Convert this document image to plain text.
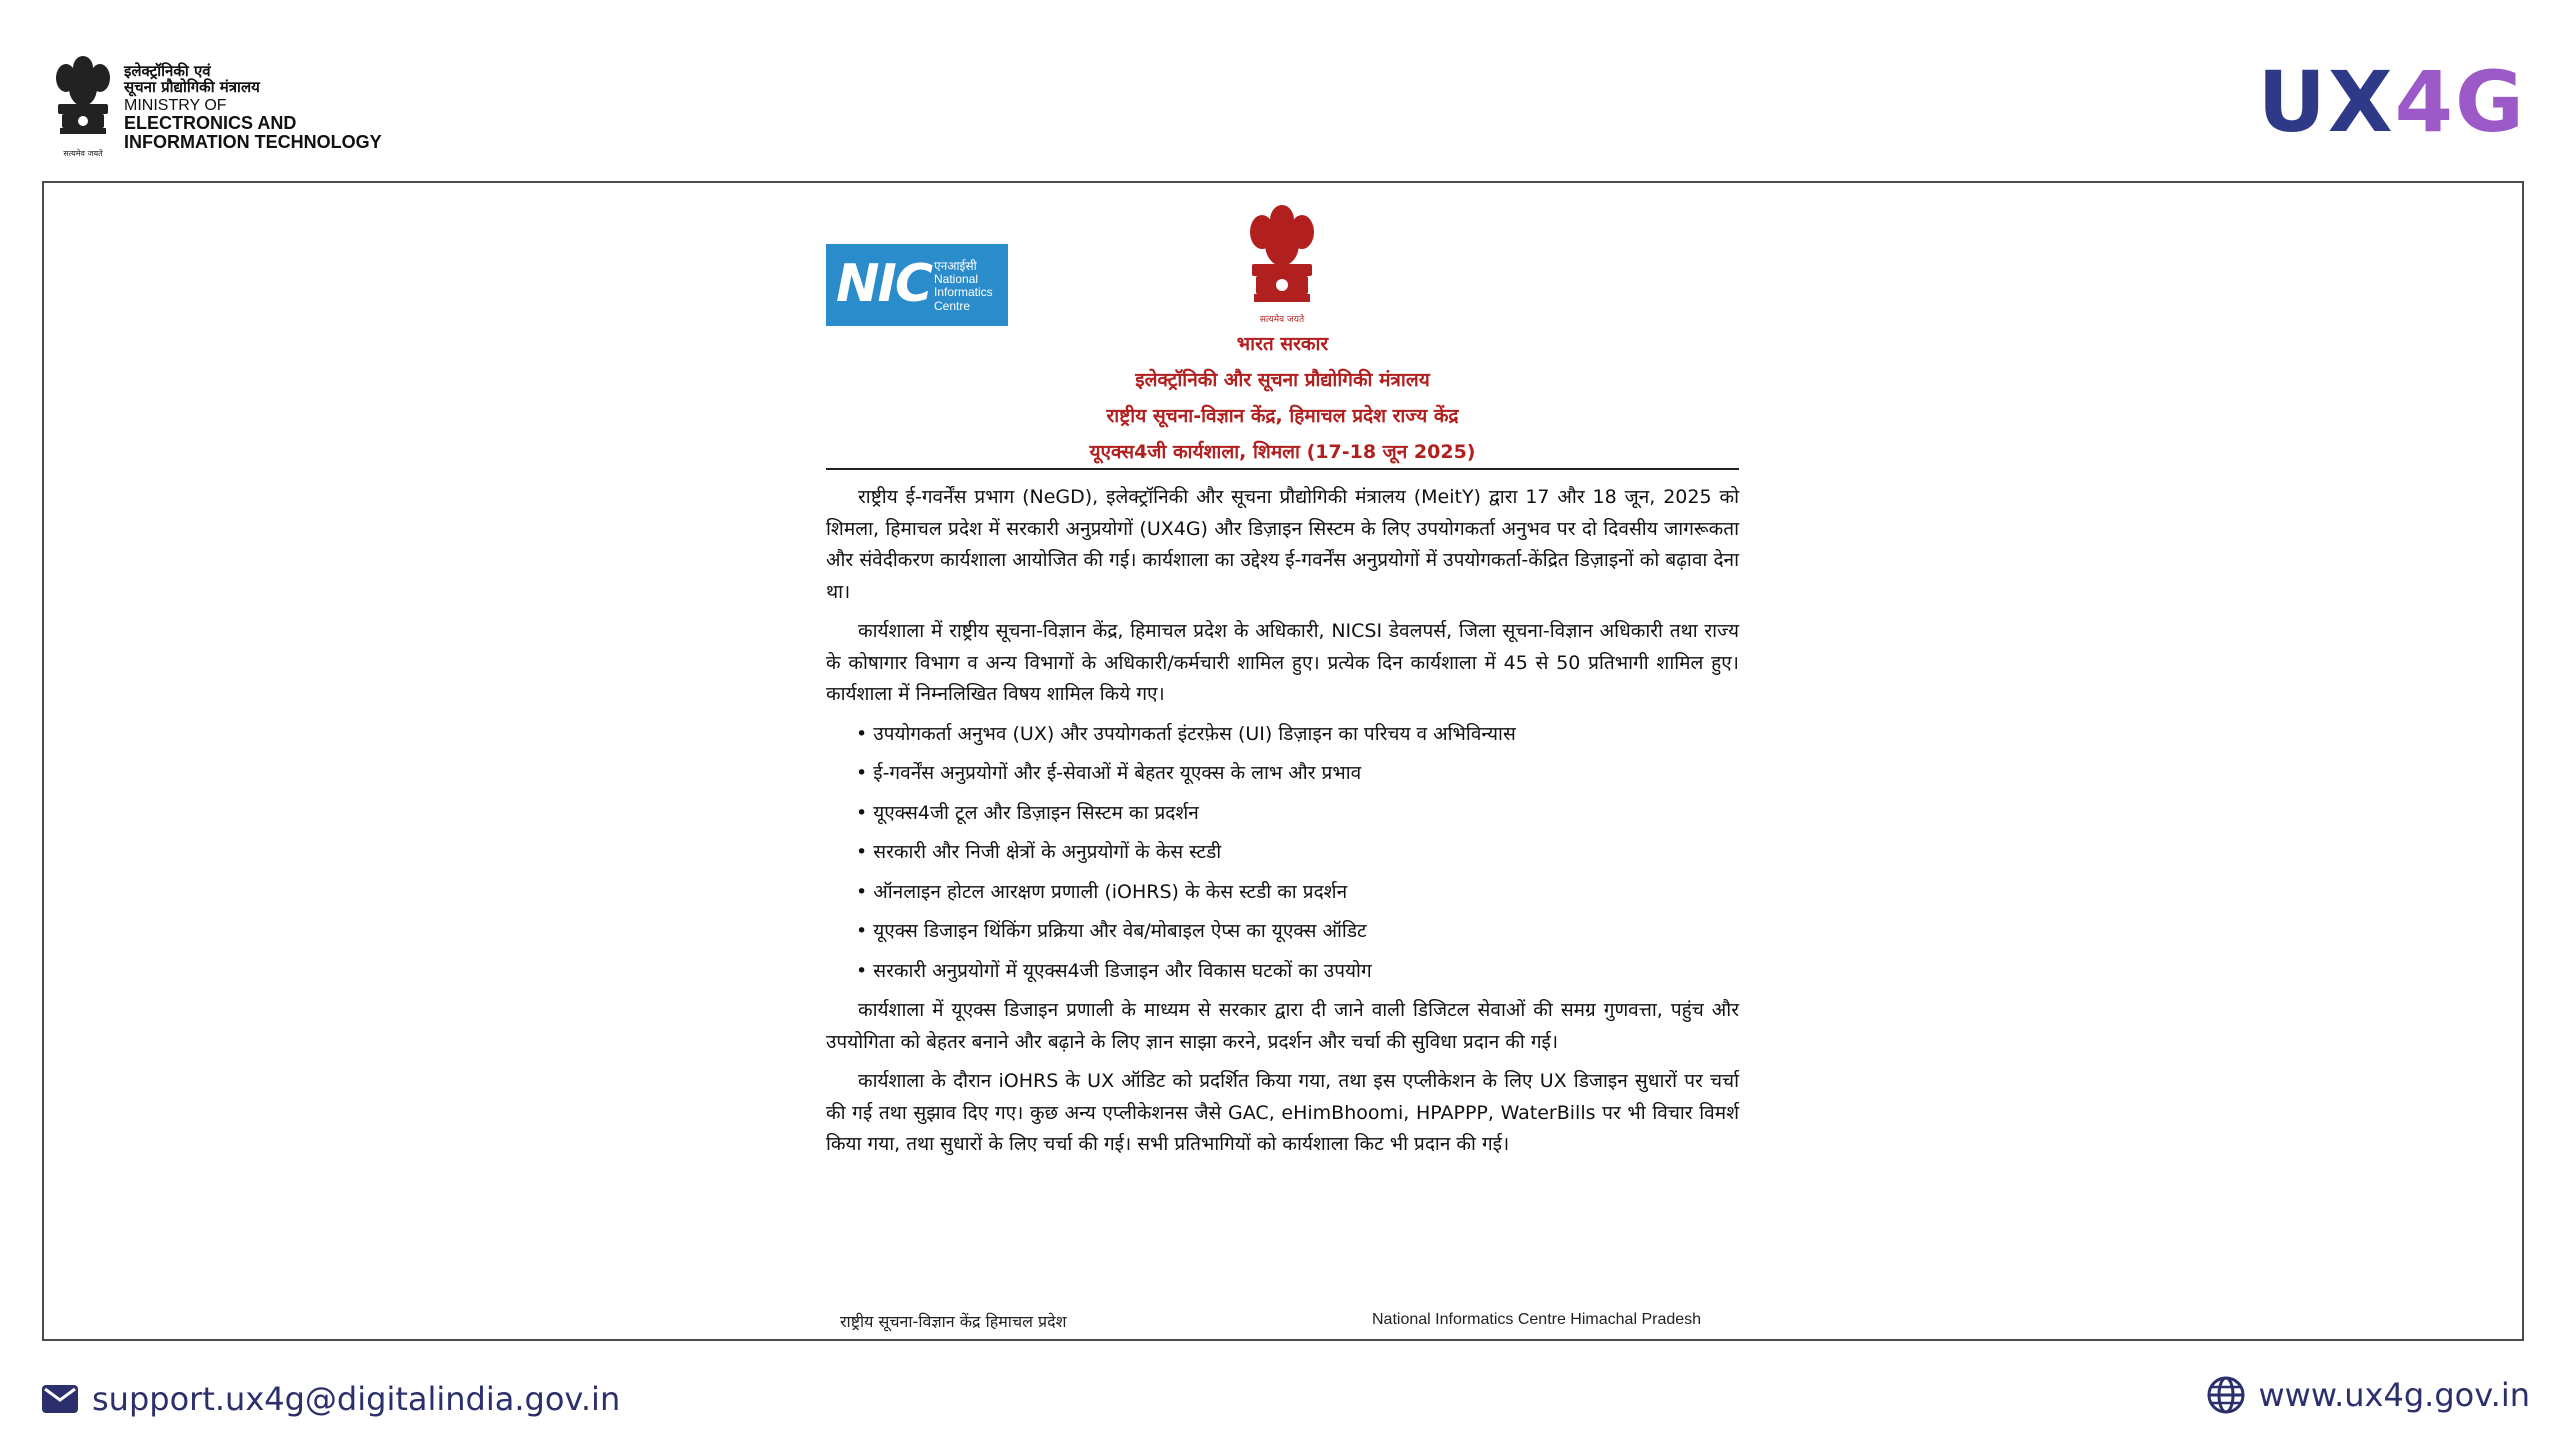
सत्यमेव जयते
इलेक्ट्रॉनिकी एवं
सूचना प्रौद्योगिकी मंत्रालय
MINISTRY OF
ELECTRONICS AND
INFORMATION TECHNOLOGY	UX4G
NIC एनआईसी
National
Informatics
Centre
सत्यमेव जयते
भारत सरकार
इलेक्ट्रॉनिकी और सूचना प्रौद्योगिकी मंत्रालय
राष्ट्रीय सूचना-विज्ञान केंद्र, हिमाचल प्रदेश राज्य केंद्र
यूएक्स4जी कार्यशाला, शिमला (17-18 जून 2025)

राष्ट्रीय ई-गवर्नेंस प्रभाग (NeGD), इलेक्ट्रॉनिकी और सूचना प्रौद्योगिकी मंत्रालय (MeitY) द्वारा 17 और 18 जून, 2025 को शिमला, हिमाचल प्रदेश में सरकारी अनुप्रयोगों (UX4G) और डिज़ाइन सिस्टम के लिए उपयोगकर्ता अनुभव पर दो दिवसीय जागरूकता और संवेदीकरण कार्यशाला आयोजित की गई। कार्यशाला का उद्देश्य ई-गवर्नेंस अनुप्रयोगों में उपयोगकर्ता-केंद्रित डिज़ाइनों को बढ़ावा देना था।

कार्यशाला में राष्ट्रीय सूचना-विज्ञान केंद्र, हिमाचल प्रदेश के अधिकारी, NICSI डेवलपर्स, जिला सूचना-विज्ञान अधिकारी तथा राज्य के कोषागार विभाग व अन्य विभागों के अधिकारी/कर्मचारी शामिल हुए। प्रत्येक दिन कार्यशाला में 45 से 50 प्रतिभागी शामिल हुए। कार्यशाला में निम्नलिखित विषय शामिल किये गए।

• उपयोगकर्ता अनुभव (UX) और उपयोगकर्ता इंटरफ़ेस (UI) डिज़ाइन का परिचय व अभिविन्यास
• ई-गवर्नेंस अनुप्रयोगों और ई-सेवाओं में बेहतर यूएक्स के लाभ और प्रभाव
• यूएक्स4जी टूल और डिज़ाइन सिस्टम का प्रदर्शन
• सरकारी और निजी क्षेत्रों के अनुप्रयोगों के केस स्टडी
• ऑनलाइन होटल आरक्षण प्रणाली (iOHRS) के केस स्टडी का प्रदर्शन
• यूएक्स डिजाइन थिंकिंग प्रक्रिया और वेब/मोबाइल ऐप्स का यूएक्स ऑडिट
• सरकारी अनुप्रयोगों में यूएक्स4जी डिजाइन और विकास घटकों का उपयोग

कार्यशाला में यूएक्स डिजाइन प्रणाली के माध्यम से सरकार द्वारा दी जाने वाली डिजिटल सेवाओं की समग्र गुणवत्ता, पहुंच और उपयोगिता को बेहतर बनाने और बढ़ाने के लिए ज्ञान साझा करने, प्रदर्शन और चर्चा की सुविधा प्रदान की गई।

कार्यशाला के दौरान iOHRS के UX ऑडिट को प्रदर्शित किया गया, तथा इस एप्लीकेशन के लिए UX डिजाइन सुधारों पर चर्चा की गई तथा सुझाव दिए गए। कुछ अन्य एप्लीकेशनस जैसे GAC, eHimBhoomi, HPAPPP, WaterBills पर भी विचार विमर्श किया गया, तथा सुधारों के लिए चर्चा की गई। सभी प्रतिभागियों को कार्यशाला किट भी प्रदान की गई।

राष्ट्रीय सूचना-विज्ञान केंद्र हिमाचल प्रदेश	National Informatics Centre Himachal Pradesh
support.ux4g@digitalindia.gov.in	www.ux4g.gov.in
